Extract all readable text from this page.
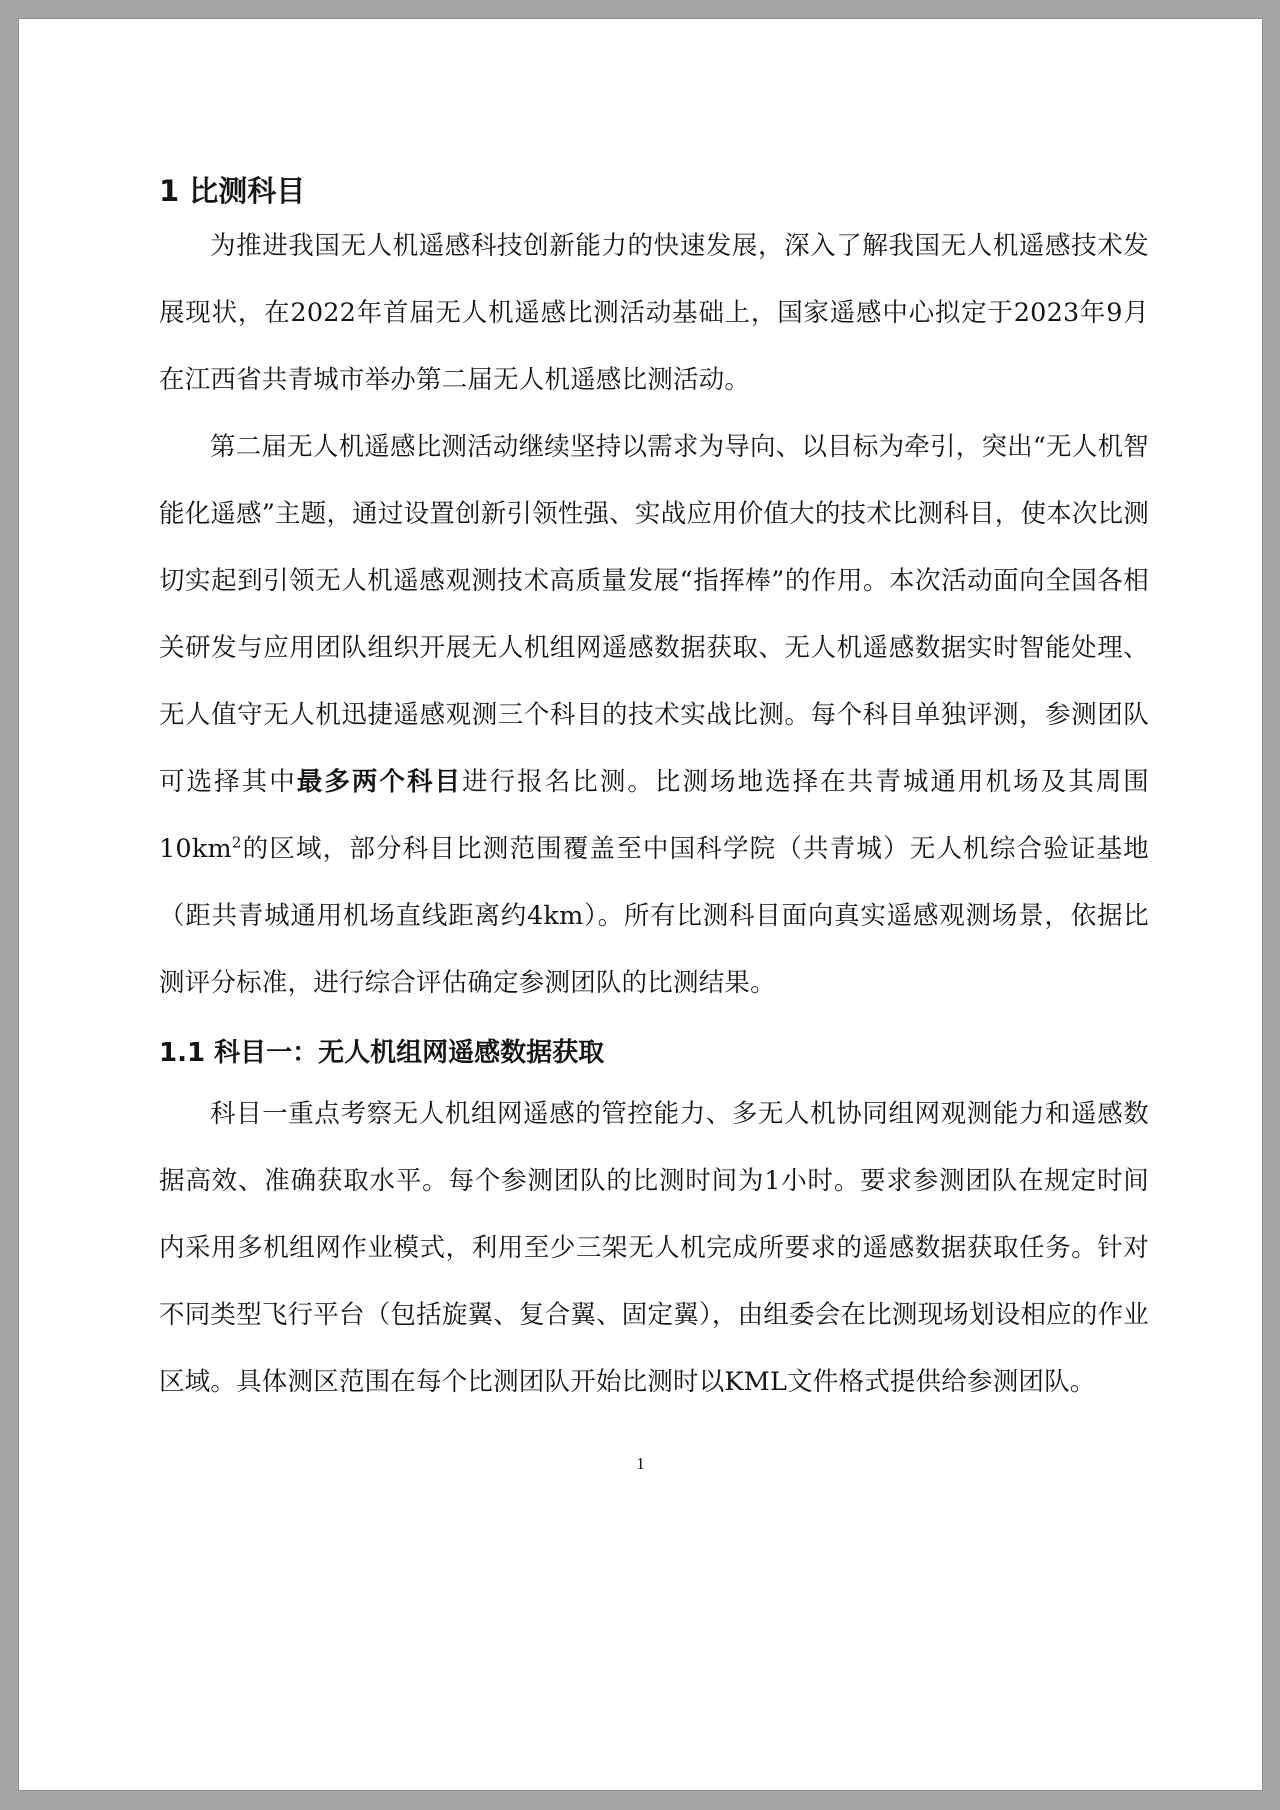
1 比测科目

为推进我国无人机遥感科技创新能力的快速发展，深入了解我国无人机遥感技术发展现状，在2022年首届无人机遥感比测活动基础上，国家遥感中心拟定于2023年9月在江西省共青城市举办第二届无人机遥感比测活动。

第二届无人机遥感比测活动继续坚持以需求为导向、以目标为牵引，突出“无人机智能化遥感”主题，通过设置创新引领性强、实战应用价值大的技术比测科目，使本次比测切实起到引领无人机遥感观测技术高质量发展“指挥棒”的作用。本次活动面向全国各相关研发与应用团队组织开展无人机组网遥感数据获取、无人机遥感数据实时智能处理、无人值守无人机迅捷遥感观测三个科目的技术实战比测。每个科目单独评测，参测团队可选择其中最多两个科目进行报名比测。比测场地选择在共青城通用机场及其周围$10km^2$的区域，部分科目比测范围覆盖至中国科学院（共青城）无人机综合验证基地（距共青城通用机场直线距离约4km）。所有比测科目面向真实遥感观测场景，依据比测评分标准，进行综合评估确定参测团队的比测结果。

1.1 科目一：无人机组网遥感数据获取

科目一重点考察无人机组网遥感的管控能力、多无人机协同组网观测能力和遥感数据高效、准确获取水平。每个参测团队的比测时间为1小时。要求参测团队在规定时间内采用多机组网作业模式，利用至少三架无人机完成所要求的遥感数据获取任务。针对不同类型飞行平台（包括旋翼、复合翼、固定翼），由组委会在比测现场划设相应的作业区域。具体测区范围在每个比测团队开始比测时以KML文件格式提供给参测团队。

1
